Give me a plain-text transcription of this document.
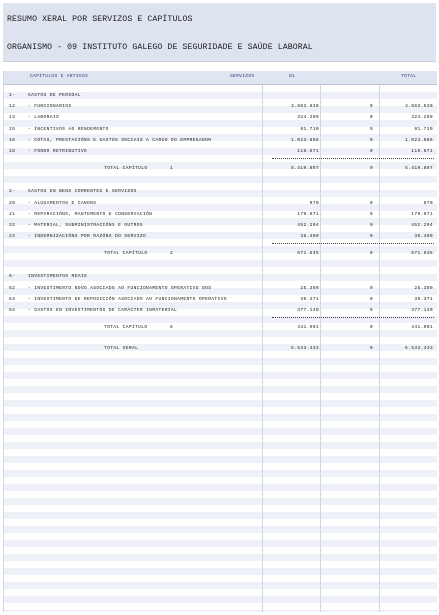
RESUMO XERAL POR SERVIZOS E CAPÍTULOS
ORGANISMO - 09 INSTITUTO GALEGO DE SEGURIDADE E SAÚDE LABORAL
CAPÍTULOS E ARTIGOS	SERVIZOS	81	TOTAL
1-	GASTOS DE PERSOAL
12	- FUNCIONARIOS	3.863.630	0	3.863.630
13	- LABORAIS	324.200	0	324.200
15	- INCENTIVOS AO RENDEMENTO	91.710	0	91.710
16	- COTAS, PRESTACIÓNS E GASTOS SOCIAIS A CARGO DO EMPREGADOR	1.023.686	0	1.023.686
18	- FONDO RETRIBUTIVO	116.671	0	116.671
TOTAL CAPÍTULO	1	5.419.897	0	5.419.897
2-	GASTOS EN BENS CORRENTES E SERVIZOS
20	- ALUGAMENTOS E CANONS	970	0	970
21	- REPARACIÓNS, MANTEMENTO E CONSERVACIÓN	179.971	0	179.971
22	- MATERIAL, SUBMINISTRACIÓNS E OUTROS	452.294	0	452.294
23	- INDEMNIZACIÓNS POR RAZÓNS DO SERVIZO	38.400	0	38.400
TOTAL CAPÍTULO	2	671.635	0	671.635
6-	INVESTIMENTOS REAIS
62	- INVESTIMENTO NOVO ASOCIADO AO FUNCIONAMENTO OPERATIVO DOS	25.390	0	25.390
63	- INVESTIMENTO DE REPOSICIÓN ASOCIADO AO FUNCIONAMENTO OPERATIVO	39.371	0	39.371
64	- GASTOS EN INVESTIMENTOS DE CARÁCTER INMATERIAL	377.140	0	377.140
TOTAL CAPÍTULO	6	441.901	0	441.901
TOTAL XERAL	6.533.433	0	6.533.433
